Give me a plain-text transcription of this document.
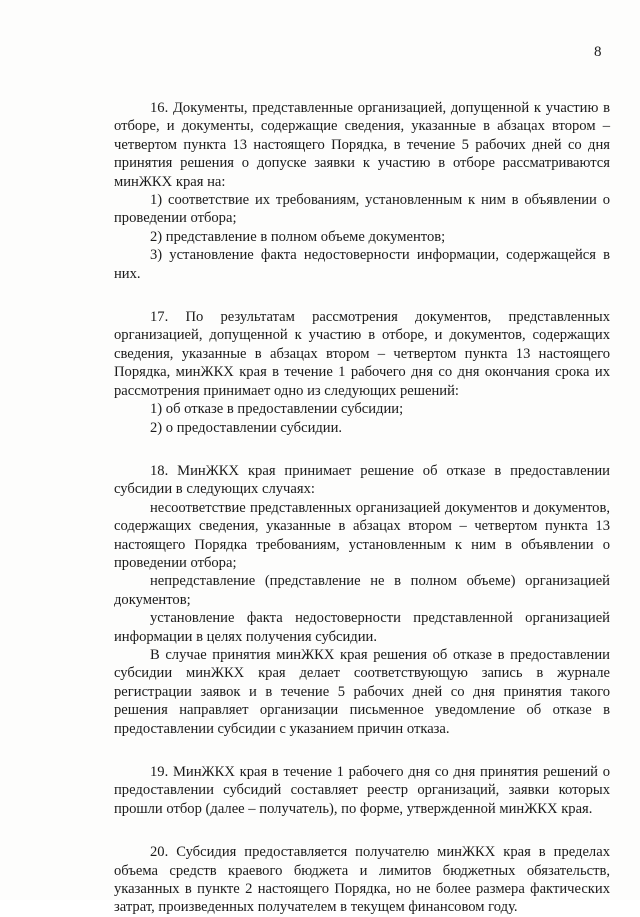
8

16. Документы, представленные организацией, допущенной к участию в отборе, и документы, содержащие сведения, указанные в абзацах втором – четвертом пункта 13 настоящего Порядка, в течение 5 рабочих дней со дня принятия решения о допуске заявки к участию в отборе рассматриваются минЖКХ края на:

1) соответствие их требованиям, установленным к ним в объявлении о проведении отбора;

2) представление в полном объеме документов;

3) установление факта недостоверности информации, содержащейся в них.

17. По результатам рассмотрения документов, представленных организацией, допущенной к участию в отборе, и документов, содержащих сведения, указанные в абзацах втором – четвертом пункта 13 настоящего Порядка, минЖКХ края в течение 1 рабочего дня со дня окончания срока их рассмотрения принимает одно из следующих решений:

1) об отказе в предоставлении субсидии;

2) о предоставлении субсидии.

18. МинЖКХ края принимает решение об отказе в предоставлении субсидии в следующих случаях:

несоответствие представленных организацией документов и документов, содержащих сведения, указанные в абзацах втором – четвертом пункта 13 настоящего Порядка требованиям, установленным к ним в объявлении о проведении отбора;

непредставление (представление не в полном объеме) организацией документов;

установление факта недостоверности представленной организацией информации в целях получения субсидии.

В случае принятия минЖКХ края решения об отказе в предоставлении субсидии минЖКХ края делает соответствующую запись в журнале регистрации заявок и в течение 5 рабочих дней со дня принятия такого решения направляет организации письменное уведомление об отказе в предоставлении субсидии с указанием причин отказа.

19. МинЖКХ края в течение 1 рабочего дня со дня принятия решений о предоставлении субсидий составляет реестр организаций, заявки которых прошли отбор (далее – получатель), по форме, утвержденной минЖКХ края.

20. Субсидия предоставляется получателю минЖКХ края в пределах объема средств краевого бюджета и лимитов бюджетных обязательств, указанных в пункте 2 настоящего Порядка, но не более размера фактических затрат, произведенных получателем в текущем финансовом году.
